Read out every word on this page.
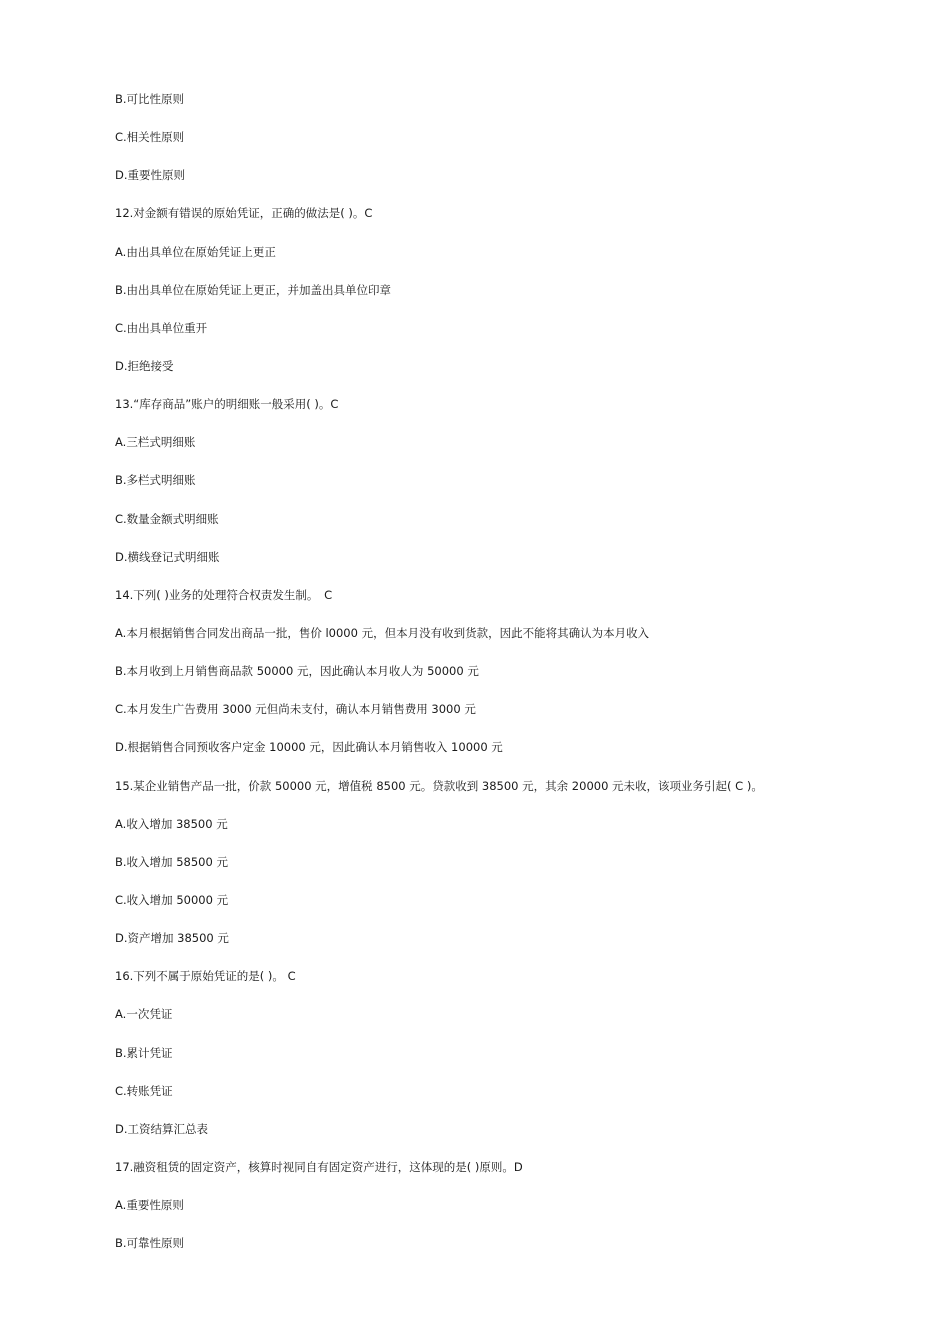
B.可比性原则
C.相关性原则
D.重要性原则
12.对金额有错误的原始凭证，正确的做法是( )。C
A.由出具单位在原始凭证上更正
B.由出具单位在原始凭证上更正，并加盖出具单位印章
C.由出具单位重开
D.拒绝接受
13.“库存商品”账户的明细账一般采用( )。C
A.三栏式明细账
B.多栏式明细账
C.数量金额式明细账
D.横线登记式明细账
14.下列( )业务的处理符合权责发生制。　C
A.本月根据销售合同发出商品一批，售价 l0000 元，但本月没有收到货款，因此不能将其确认为本月收入
B.本月收到上月销售商品款 50000 元，因此确认本月收人为 50000 元
C.本月发生广告费用 3000 元但尚未支付，确认本月销售费用 3000 元
D.根据销售合同预收客户定金 10000 元，因此确认本月销售收入 10000 元
15.某企业销售产品一批，价款 50000 元，增值税 8500 元。贷款收到 38500 元，其余 20000 元未收，该项业务引起( C )。
A.收入增加 38500 元
B.收入增加 58500 元
C.收入增加 50000 元
D.资产增加 38500 元
16.下列不属于原始凭证的是( )。 C
A.一次凭证
B.累计凭证
C.转账凭证
D.工资结算汇总表
17.融资租赁的固定资产，核算时视同自有固定资产进行，这体现的是( )原则。D
A.重要性原则
B.可靠性原则
